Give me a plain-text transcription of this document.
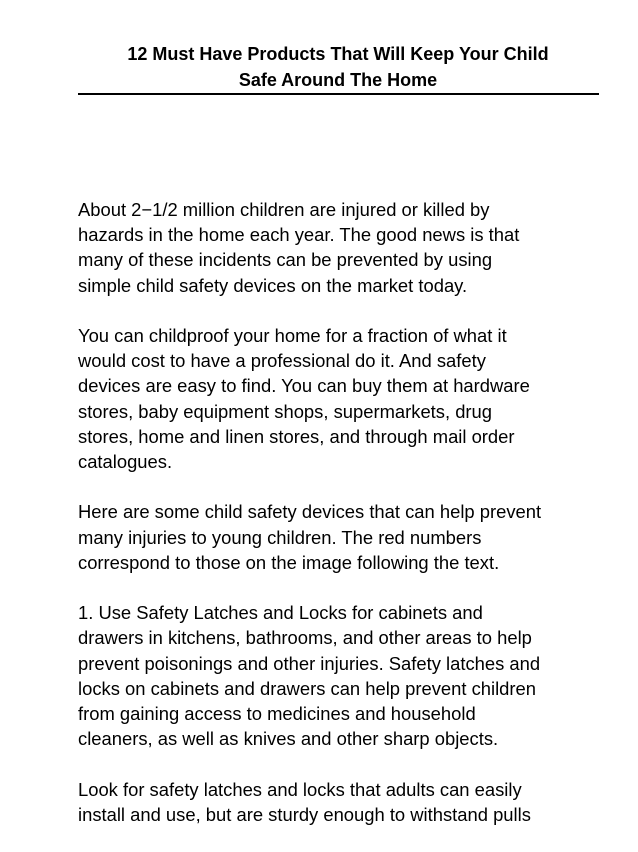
12 Must Have Products That Will Keep Your Child
Safe Around The Home

About 2−1/2 million children are injured or killed by
hazards in the home each year. The good news is that
many of these incidents can be prevented by using
simple child safety devices on the market today.

You can childproof your home for a fraction of what it
would cost to have a professional do it. And safety
devices are easy to find. You can buy them at hardware
stores, baby equipment shops, supermarkets, drug
stores, home and linen stores, and through mail order
catalogues.

Here are some child safety devices that can help prevent
many injuries to young children. The red numbers
correspond to those on the image following the text.

1. Use Safety Latches and Locks for cabinets and
drawers in kitchens, bathrooms, and other areas to help
prevent poisonings and other injuries. Safety latches and
locks on cabinets and drawers can help prevent children
from gaining access to medicines and household
cleaners, as well as knives and other sharp objects.

Look for safety latches and locks that adults can easily
install and use, but are sturdy enough to withstand pulls
